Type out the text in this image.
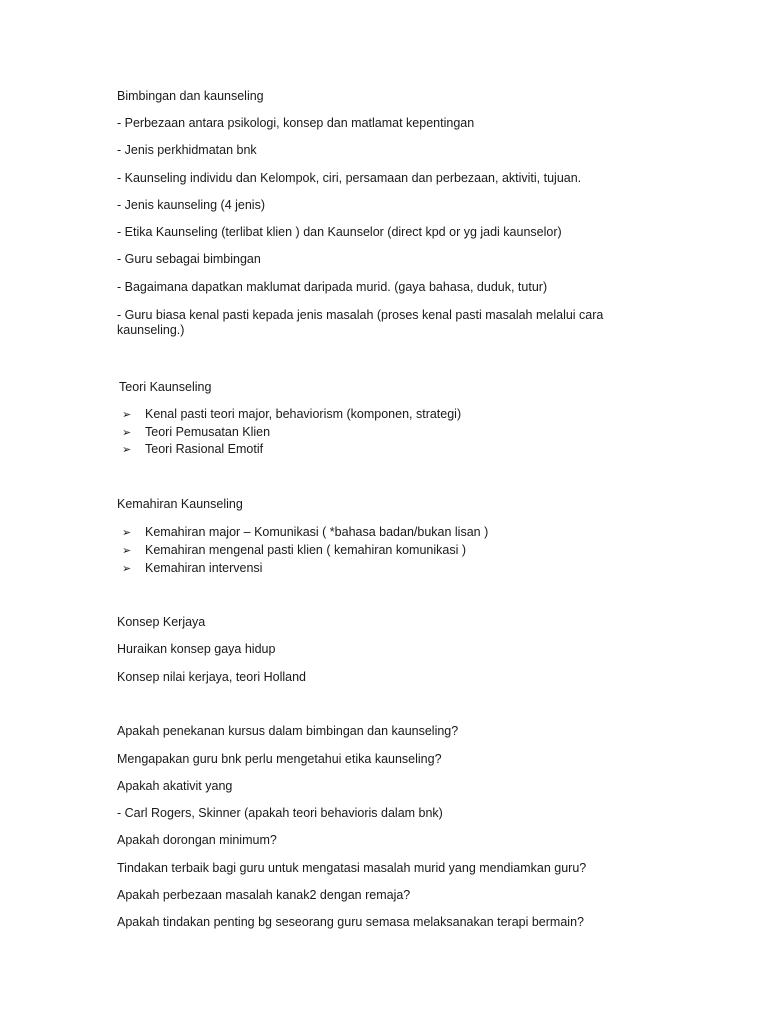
Bimbingan dan kaunseling
- Perbezaan antara psikologi, konsep dan matlamat kepentingan
- Jenis perkhidmatan bnk
- Kaunseling individu dan Kelompok, ciri, persamaan dan perbezaan, aktiviti, tujuan.
- Jenis kaunseling (4 jenis)
- Etika Kaunseling (terlibat klien ) dan Kaunselor (direct kpd or yg jadi kaunselor)
- Guru sebagai bimbingan
- Bagaimana dapatkan maklumat daripada murid. (gaya bahasa, duduk, tutur)
- Guru biasa kenal pasti kepada jenis masalah (proses kenal pasti masalah melalui cara kaunseling.)
Teori Kaunseling
➢ Kenal pasti teori major, behaviorism (komponen, strategi)
➢ Teori Pemusatan Klien
➢ Teori Rasional Emotif
Kemahiran Kaunseling
➢ Kemahiran major – Komunikasi ( *bahasa badan/bukan lisan )
➢ Kemahiran mengenal pasti klien ( kemahiran komunikasi )
➢ Kemahiran intervensi
Konsep Kerjaya
Huraikan konsep gaya hidup
Konsep nilai kerjaya, teori Holland
Apakah penekanan kursus dalam bimbingan dan kaunseling?
Mengapakan guru bnk perlu mengetahui etika kaunseling?
Apakah akativit yang
- Carl Rogers, Skinner (apakah teori behavioris dalam bnk)
Apakah dorongan minimum?
Tindakan terbaik bagi guru untuk mengatasi masalah murid yang mendiamkan guru?
Apakah perbezaan masalah kanak2 dengan remaja?
Apakah tindakan penting bg seseorang guru semasa melaksanakan terapi bermain?
